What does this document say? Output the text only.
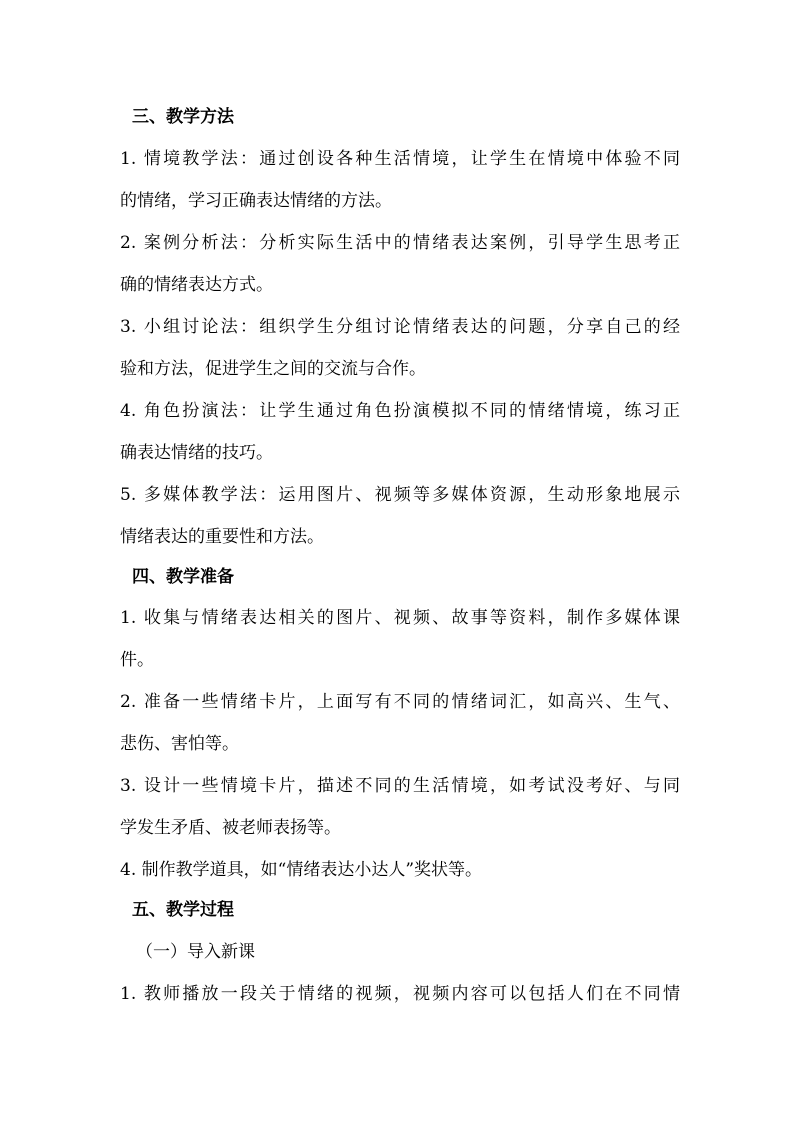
三、教学方法
1. 情境教学法：通过创设各种生活情境，让学生在情境中体验不同
的情绪，学习正确表达情绪的方法。
2. 案例分析法：分析实际生活中的情绪表达案例，引导学生思考正
确的情绪表达方式。
3. 小组讨论法：组织学生分组讨论情绪表达的问题，分享自己的经
验和方法，促进学生之间的交流与合作。
4. 角色扮演法：让学生通过角色扮演模拟不同的情绪情境，练习正
确表达情绪的技巧。
5. 多媒体教学法：运用图片、视频等多媒体资源，生动形象地展示
情绪表达的重要性和方法。
四、教学准备
1. 收集与情绪表达相关的图片、视频、故事等资料，制作多媒体课
件。
2. 准备一些情绪卡片，上面写有不同的情绪词汇，如高兴、生气、
悲伤、害怕等。
3. 设计一些情境卡片，描述不同的生活情境，如考试没考好、与同
学发生矛盾、被老师表扬等。
4. 制作教学道具，如“情绪表达小达人”奖状等。
五、教学过程
（一）导入新课
1. 教师播放一段关于情绪的视频，视频内容可以包括人们在不同情
